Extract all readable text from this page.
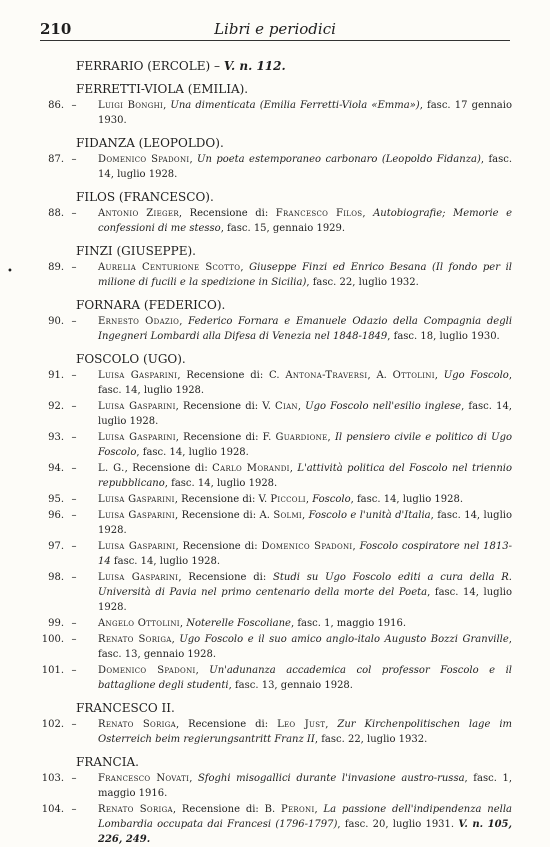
210	Libri e periodici
•
FERRARIO (ERCOLE) – V. n. 112.
FERRETTI-VIOLA (EMILIA).
86. –	Luigi Bonghi, Una dimenticata (Emilia Ferretti-Viola «Emma»), fasc. 17 gennaio 1930.
FIDANZA (LEOPOLDO).
87. –	Domenico Spadoni, Un poeta estemporaneo carbonaro (Leopoldo Fidanza), fasc. 14, luglio 1928.
FILOS (FRANCESCO).
88. –	Antonio Zieger, Recensione di: Francesco Filos, Autobiografie; Memorie e confessioni di me stesso, fasc. 15, gennaio 1929.
FINZI (GIUSEPPE).
89. –	Aurelia Centurione Scotto, Giuseppe Finzi ed Enrico Besana (Il fondo per il milione di fucili e la spedizione in Sicilia), fasc. 22, luglio 1932.
FORNARA (FEDERICO).
90. –	Ernesto Odazio, Federico Fornara e Emanuele Odazio della Compagnia degli Ingegneri Lombardi alla Difesa di Venezia nel 1848-1849, fasc. 18, luglio 1930.
FOSCOLO (UGO).
91. –	Luisa Gasparini, Recensione di: C. Antona-Traversi, A. Ottolini, Ugo Foscolo, fasc. 14, luglio 1928.
92. –	Luisa Gasparini, Recensione di: V. Cian, Ugo Foscolo nell'esilio inglese, fasc. 14, luglio 1928.
93. –	Luisa Gasparini, Recensione di: F. Guardione, Il pensiero civile e politico di Ugo Foscolo, fasc. 14, luglio 1928.
94. –	L. G., Recensione di: Carlo Morandi, L'attività politica del Foscolo nel triennio repubblicano, fasc. 14, luglio 1928.
95. –	Luisa Gasparini, Recensione di: V. Piccoli, Foscolo, fasc. 14, luglio 1928.
96. –	Luisa Gasparini, Recensione di: A. Solmi, Foscolo e l'unità d'Italia, fasc. 14, luglio 1928.
97. –	Luisa Gasparini, Recensione di: Domenico Spadoni, Foscolo cospiratore nel 1813-14 fasc. 14, luglio 1928.
98. –	Luisa Gasparini, Recensione di: Studi su Ugo Foscolo editi a cura della R. Università di Pavia nel primo centenario della morte del Poeta, fasc. 14, luglio 1928.
99. –	Angelo Ottolini, Noterelle Foscoliane, fasc. 1, maggio 1916.
100. –	Renato Soriga, Ugo Foscolo e il suo amico anglo-italo Augusto Bozzi Granville, fasc. 13, gennaio 1928.
101. –	Domenico Spadoni, Un'adunanza accademica col professor Foscolo e il battaglione degli studenti, fasc. 13, gennaio 1928.
FRANCESCO II.
102. –	Renato Soriga, Recensione di: Leo Just, Zur Kirchenpolitischen lage im Osterreich beim regierungsantritt Franz II, fasc. 22, luglio 1932.
FRANCIA.
103. –	Francesco Novati, Sfoghi misogallici durante l'invasione austro-russa, fasc. 1, maggio 1916.
104. –	Renato Soriga, Recensione di: B. Peroni, La passione dell'indipendenza nella Lombardia occupata dai Francesi (1796-1797), fasc. 20, luglio 1931. V. n. 105, 226, 249.
